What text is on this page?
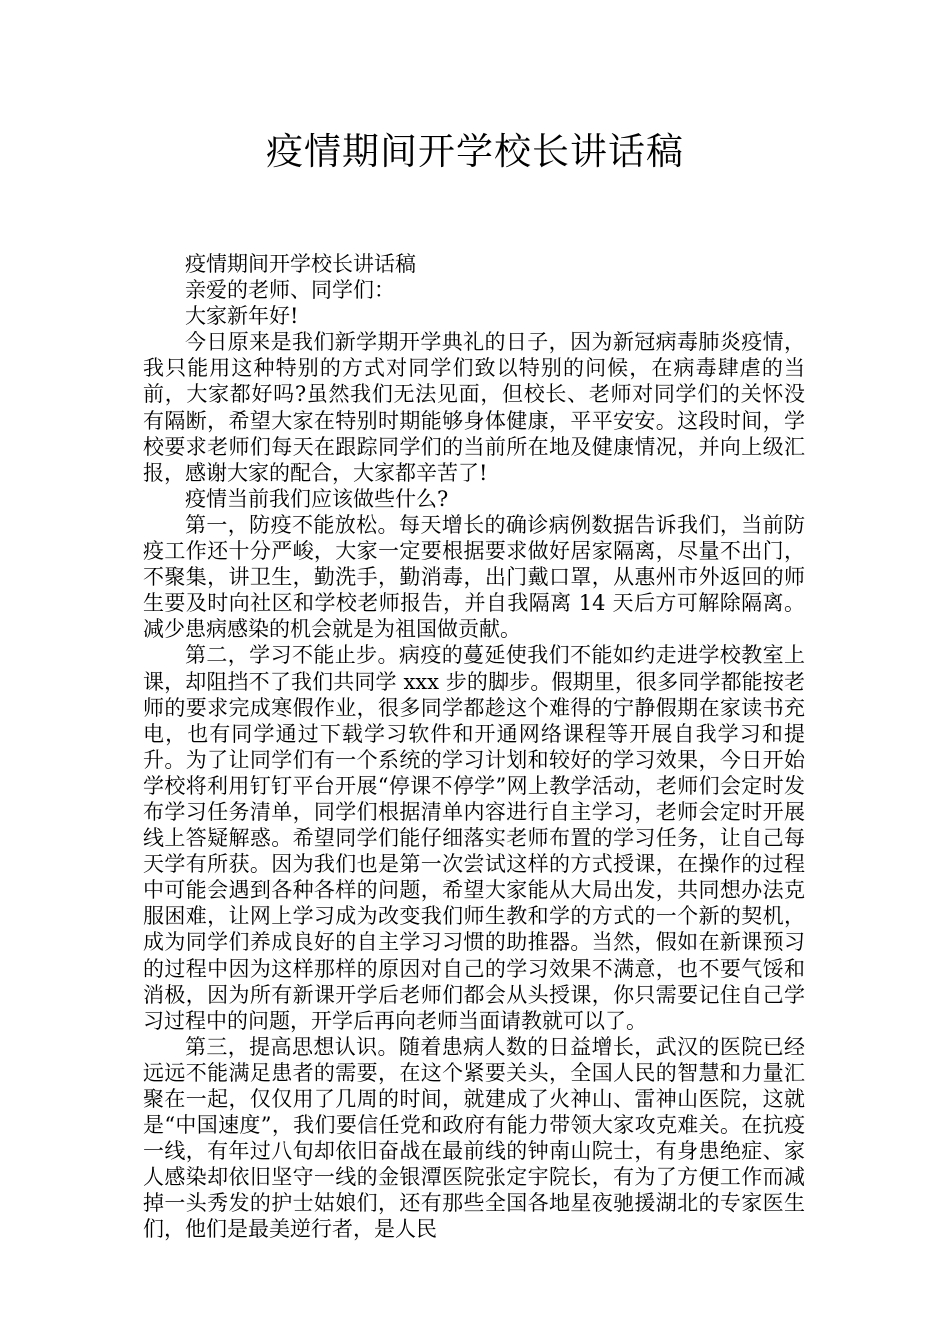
疫情期间开学校长讲话稿

疫情期间开学校长讲话稿

亲爱的老师、同学们：

大家新年好!

今日原来是我们新学期开学典礼的日子，因为新冠病毒肺炎疫情，我只能用这种特别的方式对同学们致以特别的问候，在病毒肆虐的当前，大家都好吗?虽然我们无法见面，但校长、老师对同学们的关怀没有隔断，希望大家在特别时期能够身体健康，平平安安。这段时间，学校要求老师们每天在跟踪同学们的当前所在地及健康情况，并向上级汇报，感谢大家的配合，大家都辛苦了!

疫情当前我们应该做些什么?

第一，防疫不能放松。每天增长的确诊病例数据告诉我们，当前防疫工作还十分严峻，大家一定要根据要求做好居家隔离，尽量不出门，不聚集，讲卫生，勤洗手，勤消毒，出门戴口罩，从惠州市外返回的师生要及时向社区和学校老师报告，并自我隔离 14 天后方可解除隔离。减少患病感染的机会就是为祖国做贡献。

第二，学习不能止步。病疫的蔓延使我们不能如约走进学校教室上课，却阻挡不了我们共同学 xxx 步的脚步。假期里，很多同学都能按老师的要求完成寒假作业，很多同学都趁这个难得的宁静假期在家读书充电，也有同学通过下载学习软件和开通网络课程等开展自我学习和提升。为了让同学们有一个系统的学习计划和较好的学习效果，今日开始学校将利用钉钉平台开展“停课不停学”网上教学活动，老师们会定时发布学习任务清单，同学们根据清单内容进行自主学习，老师会定时开展线上答疑解惑。希望同学们能仔细落实老师布置的学习任务，让自己每天学有所获。因为我们也是第一次尝试这样的方式授课，在操作的过程中可能会遇到各种各样的问题，希望大家能从大局出发，共同想办法克服困难，让网上学习成为改变我们师生教和学的方式的一个新的契机，成为同学们养成良好的自主学习习惯的助推器。当然，假如在新课预习的过程中因为这样那样的原因对自己的学习效果不满意，也不要气馁和消极，因为所有新课开学后老师们都会从头授课，你只需要记住自己学习过程中的问题，开学后再向老师当面请教就可以了。

第三，提高思想认识。随着患病人数的日益增长，武汉的医院已经远远不能满足患者的需要，在这个紧要关头，全国人民的智慧和力量汇聚在一起，仅仅用了几周的时间，就建成了火神山、雷神山医院，这就是“中国速度”，我们要信任党和政府有能力带领大家攻克难关。在抗疫一线，有年过八旬却依旧奋战在最前线的钟南山院士，有身患绝症、家人感染却依旧坚守一线的金银潭医院张定宇院长，有为了方便工作而减掉一头秀发的护士姑娘们，还有那些全国各地星夜驰援湖北的专家医生们，他们是最美逆行者，是人民
